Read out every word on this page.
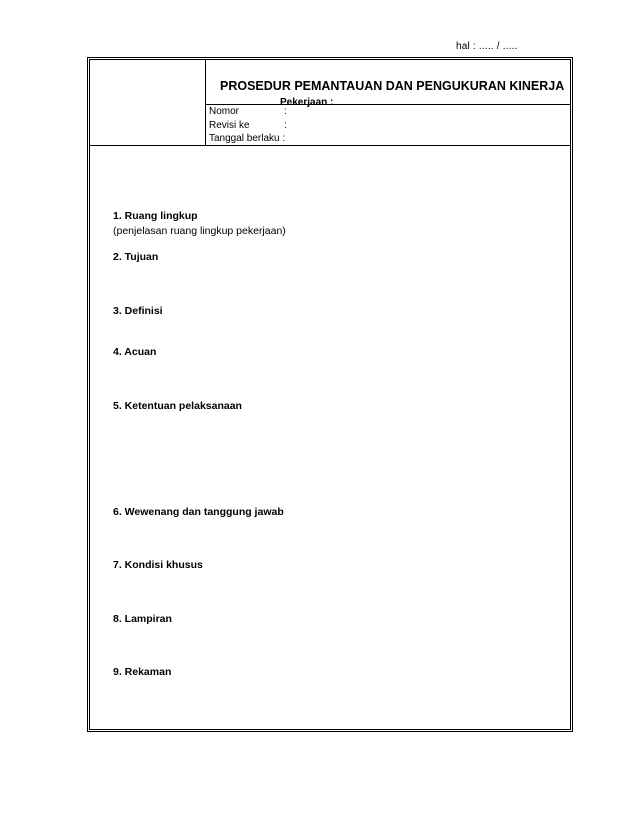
hal : ..... / .....
PROSEDUR PEMANTAUAN DAN PENGUKURAN KINERJA
Pekerjaan :
Nomor	:
Revisi ke	:
Tanggal berlaku :
1. Ruang lingkup
(penjelasan ruang lingkup pekerjaan)
2. Tujuan
3. Definisi
4. Acuan
5. Ketentuan pelaksanaan
6. Wewenang dan tanggung jawab
7. Kondisi khusus
8. Lampiran
9. Rekaman
